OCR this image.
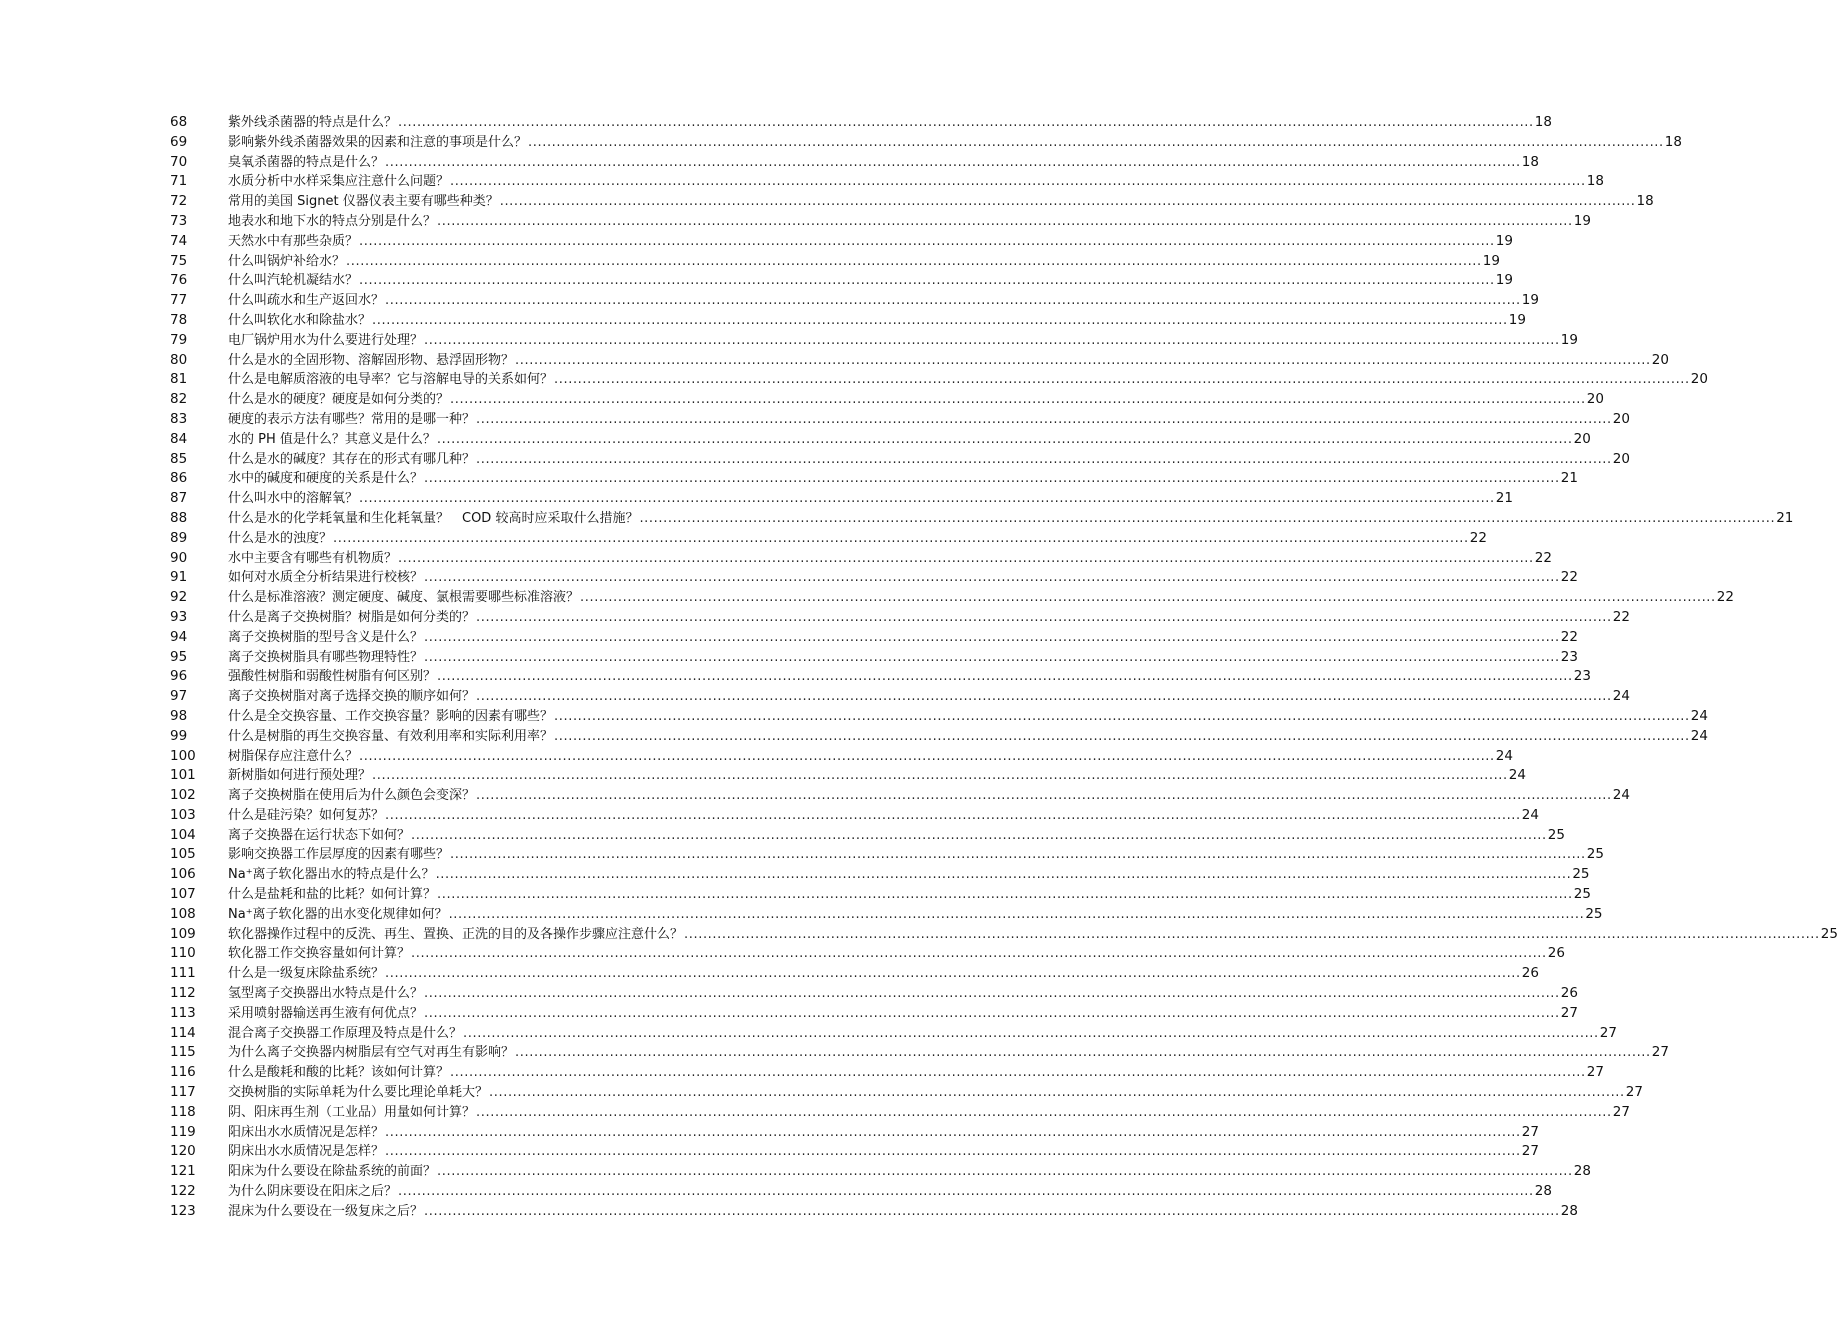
68	紫外线杀菌器的特点是什么？ .....	18
69	影响紫外线杀菌器效果的因素和注意的事项是什么？ .....	18
70	臭氧杀菌器的特点是什么？ .....	18
71	水质分析中水样采集应注意什么问题？ .....	18
72	常用的美国 Signet 仪器仪表主要有哪些种类？ .....	18
73	地表水和地下水的特点分别是什么？ .....	19
74	天然水中有那些杂质？ .....	19
75	什么叫锅炉补给水？ .....	19
76	什么叫汽轮机凝结水？ .....	19
77	什么叫疏水和生产返回水？ .....	19
78	什么叫软化水和除盐水？ .....	19
79	电厂锅炉用水为什么要进行处理？ .....	19
80	什么是水的全固形物、溶解固形物、悬浮固形物？ .....	20
81	什么是电解质溶液的电导率？它与溶解电导的关系如何？ .....	20
82	什么是水的硬度？硬度是如何分类的？ .....	20
83	硬度的表示方法有哪些？常用的是哪一种？ .....	20
84	水的 PH 值是什么？其意义是什么？ .....	20
85	什么是水的碱度？其存在的形式有哪几种？ .....	20
86	水中的碱度和硬度的关系是什么？ .....	21
87	什么叫水中的溶解氧？ .....	21
88	什么是水的化学耗氧量和生化耗氧量？　COD 较高时应采取什么措施？ .....	21
89	什么是水的浊度？ .....	22
90	水中主要含有哪些有机物质？ .....	22
91	如何对水质全分析结果进行校核？ .....	22
92	什么是标准溶液？测定硬度、碱度、氯根需要哪些标准溶液？ .....	22
93	什么是离子交换树脂？树脂是如何分类的？ .....	22
94	离子交换树脂的型号含义是什么？ .....	22
95	离子交换树脂具有哪些物理特性？ .....	23
96	强酸性树脂和弱酸性树脂有何区别？ .....	23
97	离子交换树脂对离子选择交换的顺序如何？ .....	24
98	什么是全交换容量、工作交换容量？影响的因素有哪些？ .....	24
99	什么是树脂的再生交换容量、有效利用率和实际利用率？ .....	24
100	树脂保存应注意什么？ .....	24
101	新树脂如何进行预处理？ .....	24
102	离子交换树脂在使用后为什么颜色会变深？ .....	24
103	什么是硅污染？如何复苏？ .....	24
104	离子交换器在运行状态下如何？ .....	25
105	影响交换器工作层厚度的因素有哪些？ .....	25
106	Na⁺离子软化器出水的特点是什么？ .....	25
107	什么是盐耗和盐的比耗？如何计算？ .....	25
108	Na⁺离子软化器的出水变化规律如何？ .....	25
109	软化器操作过程中的反洗、再生、置换、正洗的目的及各操作步骤应注意什么？ .....	25
110	软化器工作交换容量如何计算？ .....	26
111	什么是一级复床除盐系统？ .....	26
112	氢型离子交换器出水特点是什么？ .....	26
113	采用喷射器输送再生液有何优点？ .....	27
114	混合离子交换器工作原理及特点是什么？ .....	27
115	为什么离子交换器内树脂层有空气对再生有影响？ .....	27
116	什么是酸耗和酸的比耗？该如何计算？ .....	27
117	交换树脂的实际单耗为什么要比理论单耗大？ .....	27
118	阴、阳床再生剂（工业品）用量如何计算？ .....	27
119	阳床出水水质情况是怎样？ .....	27
120	阴床出水水质情况是怎样？ .....	27
121	阳床为什么要设在除盐系统的前面？ .....	28
122	为什么阴床要设在阳床之后？ .....	28
123	混床为什么要设在一级复床之后？ .....	28
